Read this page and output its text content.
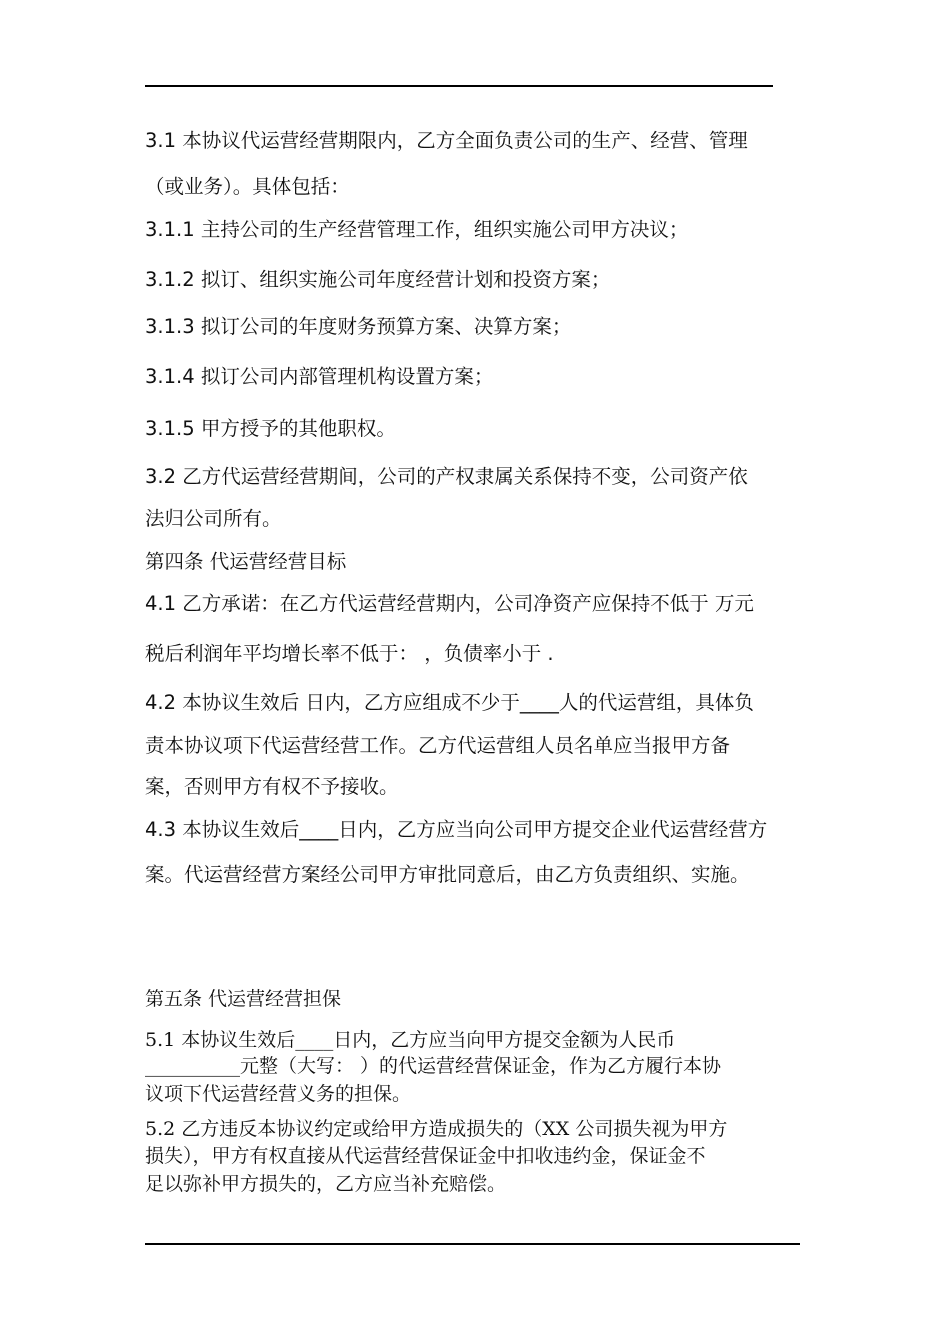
3.1 本协议代运营经营期限内，乙方全面负责公司的生产、经营、管理
（或业务）。具体包括：
3.1.1 主持公司的生产经营管理工作，组织实施公司甲方决议；
3.1.2 拟订、组织实施公司年度经营计划和投资方案；
3.1.3 拟订公司的年度财务预算方案、决算方案；
3.1.4 拟订公司内部管理机构设置方案；
3.1.5 甲方授予的其他职权。
3.2 乙方代运营经营期间，公司的产权隶属关系保持不变，公司资产依
法归公司所有。
第四条 代运营经营目标
4.1 乙方承诺：在乙方代运营经营期内，公司净资产应保持不低于 万元
税后利润年平均增长率不低于： ，负债率小于 .
4.2 本协议生效后 日内，乙方应组成不少于____人的代运营组，具体负
责本协议项下代运营经营工作。乙方代运营组人员名单应当报甲方备
案，否则甲方有权不予接收。
4.3 本协议生效后____日内，乙方应当向公司甲方提交企业代运营经营方
案。代运营经营方案经公司甲方审批同意后，由乙方负责组织、实施。
第五条 代运营经营担保
5.1 本协议生效后____日内，乙方应当向甲方提交金额为人民币
__________元整（大写： ）的代运营经营保证金，作为乙方履行本协
议项下代运营经营义务的担保。
5.2 乙方违反本协议约定或给甲方造成损失的（XX 公司损失视为甲方
损失），甲方有权直接从代运营经营保证金中扣收违约金，保证金不
足以弥补甲方损失的，乙方应当补充赔偿。
